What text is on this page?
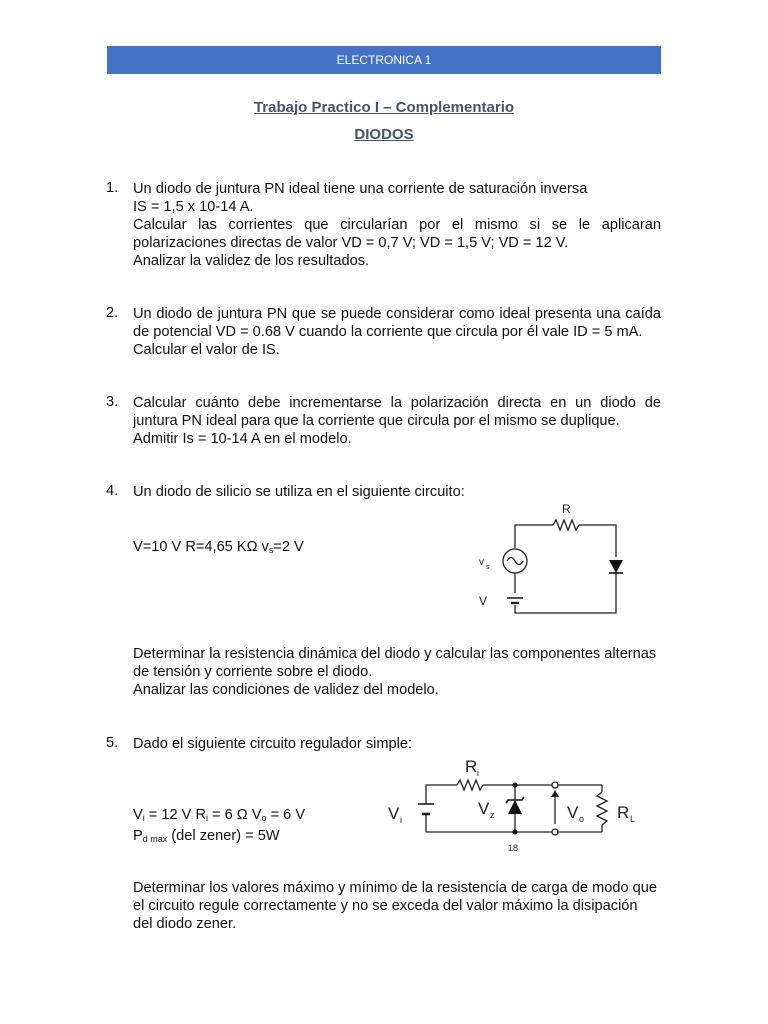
ELECTRONICA 1
Trabajo Practico I – Complementario
DIODOS
1. Un diodo de juntura PN ideal tiene una corriente de saturación inversa

IS = 1,5 x 10-14 A.

Calcular las corrientes que circularían por el mismo si se le aplicaran polarizaciones directas de valor VD = 0,7 V; VD = 1,5 V; VD = 12 V.

Analizar la validez de los resultados.

2. Un diodo de juntura PN que se puede considerar como ideal presenta una caída de potencial VD = 0.68 V cuando la corriente que circula por él vale ID = 5 mA.

Calcular el valor de IS.

3. Calcular cuánto debe incrementarse la polarización directa en un diodo de juntura PN ideal para que la corriente que circula por el mismo se duplique.

Admitir Is = 10-14 A en el modelo.

4. Un diodo de silicio se utiliza en el siguiente circuito:
V=10 V R=4,65 KΩ $v_s=2$ V
R
v s
V

Determinar la resistencia dinámica del diodo y calcular las componentes alternas de tensión y corriente sobre el diodo.

Analizar las condiciones de validez del modelo.

5. Dado el siguiente circuito regulador simple:
$V_i = 12$ V $R_i = 6$ Ω $V_o = 6$ V
$P_{d max}$ (del zener) = 5W
R i
V i
V z	V o R L
18

Determinar los valores máximo y mínimo de la resistencia de carga de modo que el circuito regule correctamente y no se exceda del valor máximo la disipación del diodo zener.
